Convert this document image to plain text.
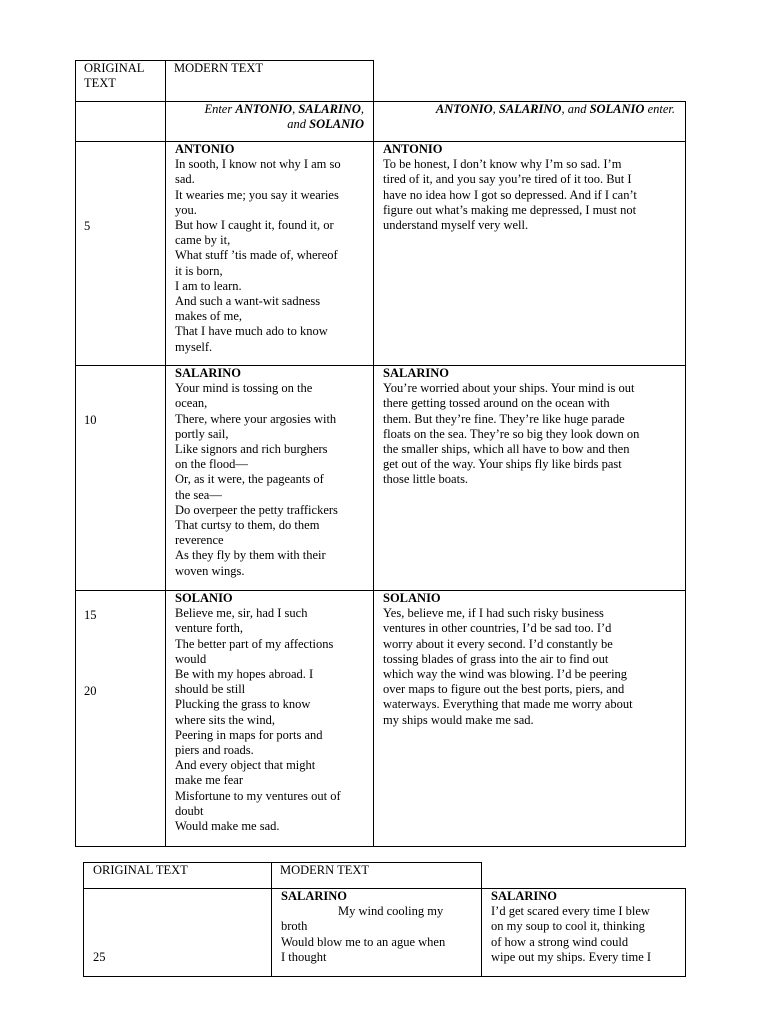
ORIGINAL TEXT
MODERN TEXT
Enter ANTONIO, SALARINO,
and SOLANIO
ANTONIO, SALARINO, and SOLANIO enter.
5
ANTONIO
In sooth, I know not why I am so
sad.
It wearies me; you say it wearies
you.
But how I caught it, found it, or
came by it,
What stuff ’tis made of, whereof
it is born,
I am to learn.
And such a want-wit sadness
makes of me,
That I have much ado to know
myself.
ANTONIO
To be honest, I don’t know why I’m so sad. I’m
tired of it, and you say you’re tired of it too. But I
have no idea how I got so depressed. And if I can’t
figure out what’s making me depressed, I must not
understand myself very well.
10
SALARINO
Your mind is tossing on the
ocean,
There, where your argosies with
portly sail,
Like signors and rich burghers
on the flood—
Or, as it were, the pageants of
the sea—
Do overpeer the petty traffickers
That curtsy to them, do them
reverence
As they fly by them with their
woven wings.
SALARINO
You’re worried about your ships. Your mind is out
there getting tossed around on the ocean with
them. But they’re fine. They’re like huge parade
floats on the sea. They’re so big they look down on
the smaller ships, which all have to bow and then
get out of the way. Your ships fly like birds past
those little boats.
15
20
SOLANIO
Believe me, sir, had I such
venture forth,
The better part of my affections
would
Be with my hopes abroad. I
should be still
Plucking the grass to know
where sits the wind,
Peering in maps for ports and
piers and roads.
And every object that might
make me fear
Misfortune to my ventures out of
doubt
Would make me sad.
SOLANIO
Yes, believe me, if I had such risky business
ventures in other countries, I’d be sad too. I’d
worry about it every second. I’d constantly be
tossing blades of grass into the air to find out
which way the wind was blowing. I’d be peering
over maps to figure out the best ports, piers, and
waterways. Everything that made me worry about
my ships would make me sad.
ORIGINAL TEXT	MODERN TEXT
25
SALARINO
My wind cooling my
broth
Would blow me to an ague when
I thought
SALARINO
I’d get scared every time I blew
on my soup to cool it, thinking
of how a strong wind could
wipe out my ships. Every time I
